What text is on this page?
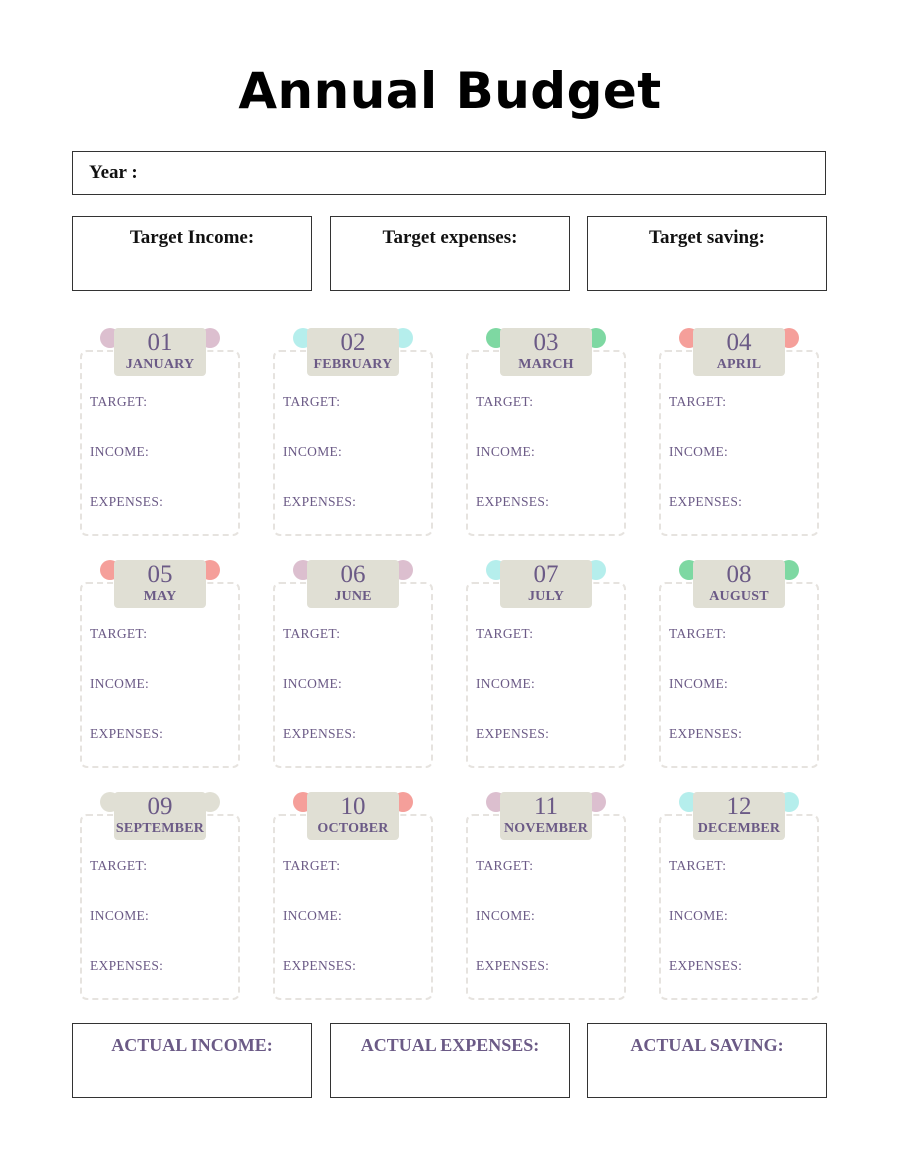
Annual Budget
Year :
Target Income:	Target expenses:	Target saving:
TARGET:
INCOME:
EXPENSES:
01
JANUARY
TARGET:
INCOME:
EXPENSES:
02
FEBRUARY
TARGET:
INCOME:
EXPENSES:
03
MARCH
TARGET:
INCOME:
EXPENSES:
04
APRIL
TARGET:
INCOME:
EXPENSES:
05
MAY
TARGET:
INCOME:
EXPENSES:
06
JUNE
TARGET:
INCOME:
EXPENSES:
07
JULY
TARGET:
INCOME:
EXPENSES:
08
AUGUST
TARGET:
INCOME:
EXPENSES:
09
SEPTEMBER
TARGET:
INCOME:
EXPENSES:
10
OCTOBER
TARGET:
INCOME:
EXPENSES:
11
NOVEMBER
TARGET:
INCOME:
EXPENSES:
12
DECEMBER
ACTUAL INCOME:	ACTUAL EXPENSES:	ACTUAL SAVING:
